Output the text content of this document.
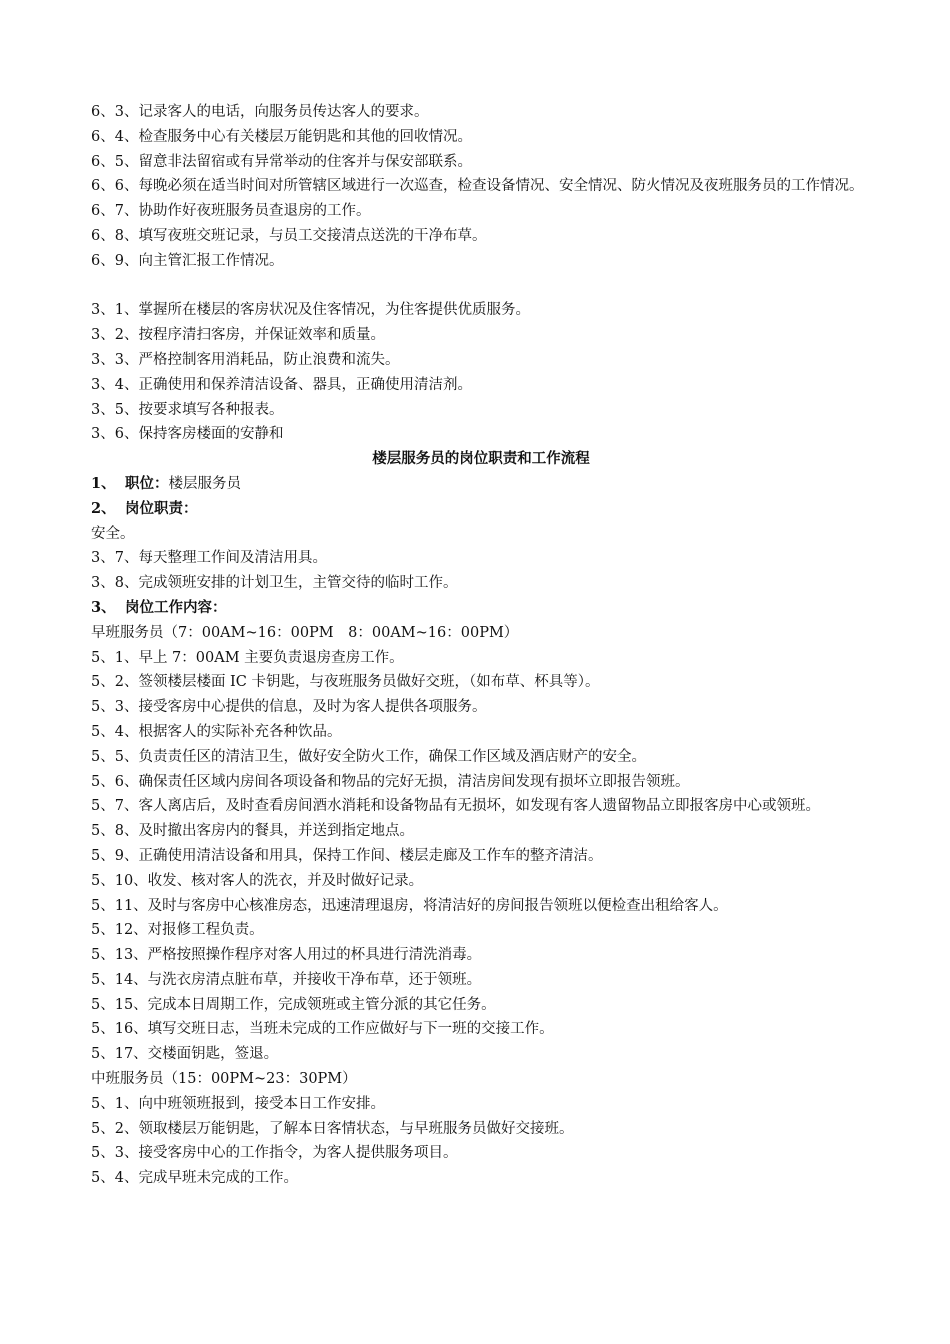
6、3、记录客人的电话，向服务员传达客人的要求。
6、4、检查服务中心有关楼层万能钥匙和其他的回收情况。
6、5、留意非法留宿或有异常举动的住客并与保安部联系。
6、6、每晚必须在适当时间对所管辖区域进行一次巡查，检查设备情况、安全情况、防火情况及夜班服务员的工作情况。
6、7、协助作好夜班服务员查退房的工作。
6、8、填写夜班交班记录，与员工交接清点送洗的干净布草。
6、9、向主管汇报工作情况。
3、1、掌握所在楼层的客房状况及住客情况，为住客提供优质服务。
3、2、按程序清扫客房，并保证效率和质量。
3、3、严格控制客用消耗品，防止浪费和流失。
3、4、正确使用和保养清洁设备、器具，正确使用清洁剂。
3、5、按要求填写各种报表。
3、6、保持客房楼面的安静和
楼层服务员的岗位职责和工作流程
1、 职位：楼层服务员
2、 岗位职责：
安全。
3、7、每天整理工作间及清洁用具。
3、8、完成领班安排的计划卫生，主管交待的临时工作。
3、 岗位工作内容：
早班服务员（7：00AM~16：00PM　8：00AM~16：00PM）
5、1、早上 7：00AM 主要负责退房查房工作。
5、2、签领楼层楼面 IC 卡钥匙，与夜班服务员做好交班，（如布草、杯具等）。
5、3、接受客房中心提供的信息，及时为客人提供各项服务。
5、4、根据客人的实际补充各种饮品。
5、5、负责责任区的清洁卫生，做好安全防火工作，确保工作区域及酒店财产的安全。
5、6、确保责任区域内房间各项设备和物品的完好无损，清洁房间发现有损坏立即报告领班。
5、7、客人离店后，及时查看房间酒水消耗和设备物品有无损坏，如发现有客人遗留物品立即报客房中心或领班。
5、8、及时撤出客房内的餐具，并送到指定地点。
5、9、正确使用清洁设备和用具，保持工作间、楼层走廊及工作车的整齐清洁。
5、10、收发、核对客人的洗衣，并及时做好记录。
5、11、及时与客房中心核准房态，迅速清理退房，将清洁好的房间报告领班以便检查出租给客人。
5、12、对报修工程负责。
5、13、严格按照操作程序对客人用过的杯具进行清洗消毒。
5、14、与洗衣房清点脏布草，并接收干净布草，还于领班。
5、15、完成本日周期工作，完成领班或主管分派的其它任务。
5、16、填写交班日志，当班未完成的工作应做好与下一班的交接工作。
5、17、交楼面钥匙，签退。
中班服务员（15：00PM~23：30PM）
5、1、向中班领班报到，接受本日工作安排。
5、2、领取楼层万能钥匙，了解本日客情状态，与早班服务员做好交接班。
5、3、接受客房中心的工作指令，为客人提供服务项目。
5、4、完成早班未完成的工作。
